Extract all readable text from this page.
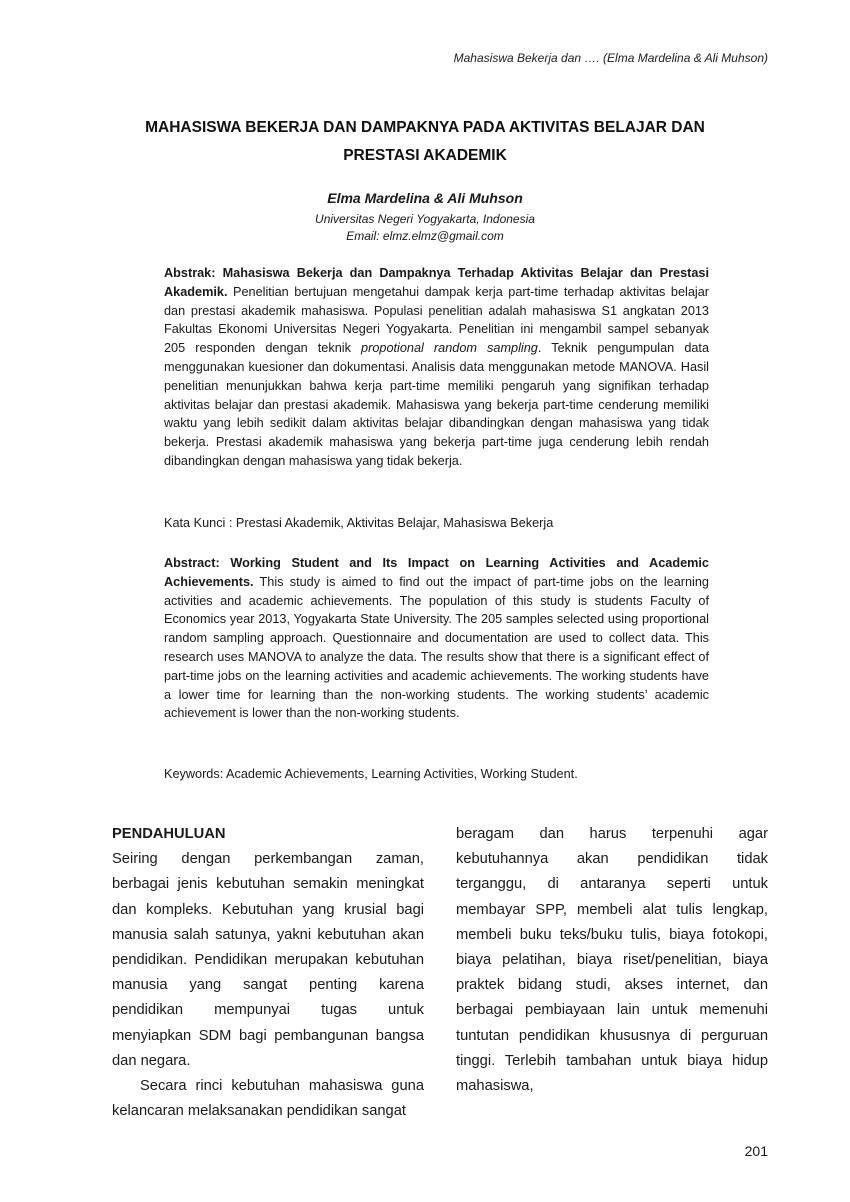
Mahasiswa Bekerja dan …. (Elma Mardelina & Ali Muhson)
MAHASISWA BEKERJA DAN DAMPAKNYA PADA AKTIVITAS BELAJAR DAN PRESTASI AKADEMIK
Elma Mardelina & Ali Muhson
Universitas Negeri Yogyakarta, Indonesia
Email: elmz.elmz@gmail.com
Abstrak: Mahasiswa Bekerja dan Dampaknya Terhadap Aktivitas Belajar dan Prestasi Akademik. Penelitian bertujuan mengetahui dampak kerja part-time terhadap aktivitas belajar dan prestasi akademik mahasiswa. Populasi penelitian adalah mahasiswa S1 angkatan 2013 Fakultas Ekonomi Universitas Negeri Yogyakarta. Penelitian ini mengambil sampel sebanyak 205 responden dengan teknik propotional random sampling. Teknik pengumpulan data menggunakan kuesioner dan dokumentasi. Analisis data menggunakan metode MANOVA. Hasil penelitian menunjukkan bahwa kerja part-time memiliki pengaruh yang signifikan terhadap aktivitas belajar dan prestasi akademik. Mahasiswa yang bekerja part-time cenderung memiliki waktu yang lebih sedikit dalam aktivitas belajar dibandingkan dengan mahasiswa yang tidak bekerja. Prestasi akademik mahasiswa yang bekerja part-time juga cenderung lebih rendah dibandingkan dengan mahasiswa yang tidak bekerja.
Kata Kunci : Prestasi Akademik, Aktivitas Belajar, Mahasiswa Bekerja
Abstract: Working Student and Its Impact on Learning Activities and Academic Achievements. This study is aimed to find out the impact of part-time jobs on the learning activities and academic achievements. The population of this study is students Faculty of Economics year 2013, Yogyakarta State University. The 205 samples selected using proportional random sampling approach. Questionnaire and documentation are used to collect data. This research uses MANOVA to analyze the data. The results show that there is a significant effect of part-time jobs on the learning activities and academic achievements. The working students have a lower time for learning than the non-working students. The working students’ academic achievement is lower than the non-working students.
Keywords: Academic Achievements, Learning Activities, Working Student.

PENDAHULUAN

Seiring dengan perkembangan zaman, berbagai jenis kebutuhan semakin meningkat dan kompleks. Kebutuhan yang krusial bagi manusia salah satunya, yakni kebutuhan akan pendidikan. Pendidikan merupakan kebutuhan manusia yang sangat penting karena pendidikan mempunyai tugas untuk menyiapkan SDM bagi pembangunan bangsa dan negara.

Secara rinci kebutuhan mahasiswa guna kelancaran melaksanakan pendidikan sangat

beragam dan harus terpenuhi agar kebutuhannya akan pendidikan tidak terganggu, di antaranya seperti untuk membayar SPP, membeli alat tulis lengkap, membeli buku teks/buku tulis, biaya fotokopi, biaya pelatihan, biaya riset/penelitian, biaya praktek bidang studi, akses internet, dan berbagai pembiayaan lain untuk memenuhi tuntutan pendidikan khususnya di perguruan tinggi. Terlebih tambahan untuk biaya hidup mahasiswa,

201
